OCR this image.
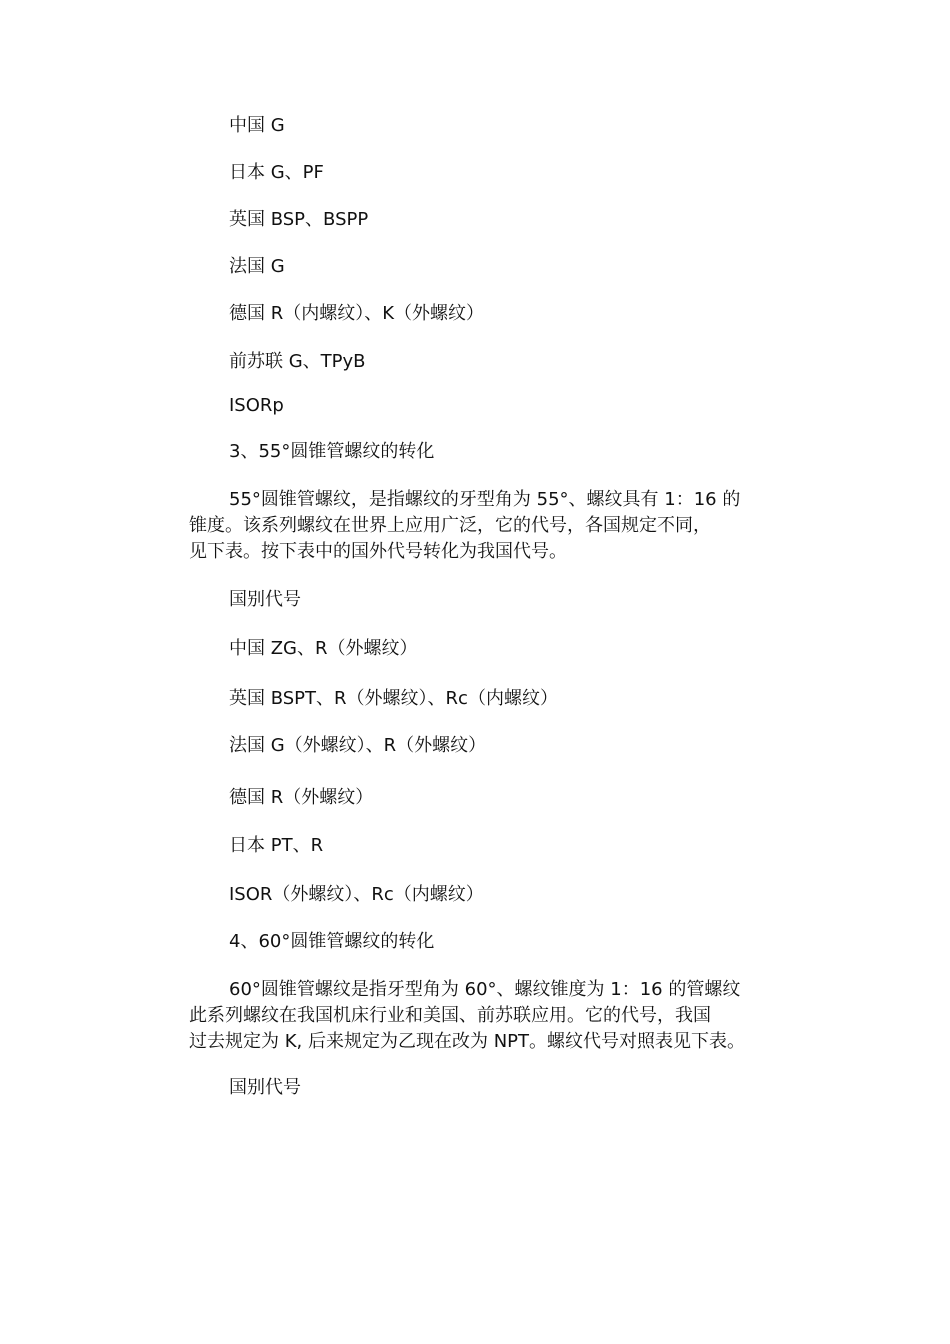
中国 G

日本 G、PF

英国 BSP、BSPP

法国 G

德国 R（内螺纹）、K（外螺纹）

前苏联 G、TPyB

ISORp

3、55°圆锥管螺纹的转化

55°圆锥管螺纹，是指螺纹的牙型角为 55°、螺纹具有 1：16 的
锥度。该系列螺纹在世界上应用广泛，它的代号，各国规定不同，
见下表。按下表中的国外代号转化为我国代号。

国别代号

中国 ZG、R（外螺纹）

英国 BSPT、R（外螺纹）、Rc（内螺纹）

法国 G（外螺纹）、R（外螺纹）

德国 R（外螺纹）

日本 PT、R

ISOR（外螺纹）、Rc（内螺纹）

4、60°圆锥管螺纹的转化

60°圆锥管螺纹是指牙型角为 60°、螺纹锥度为 1：16 的管螺纹
此系列螺纹在我国机床行业和美国、前苏联应用。它的代号，我国
过去规定为 K, 后来规定为乙现在改为 NPT。螺纹代号对照表见下表。

国别代号
